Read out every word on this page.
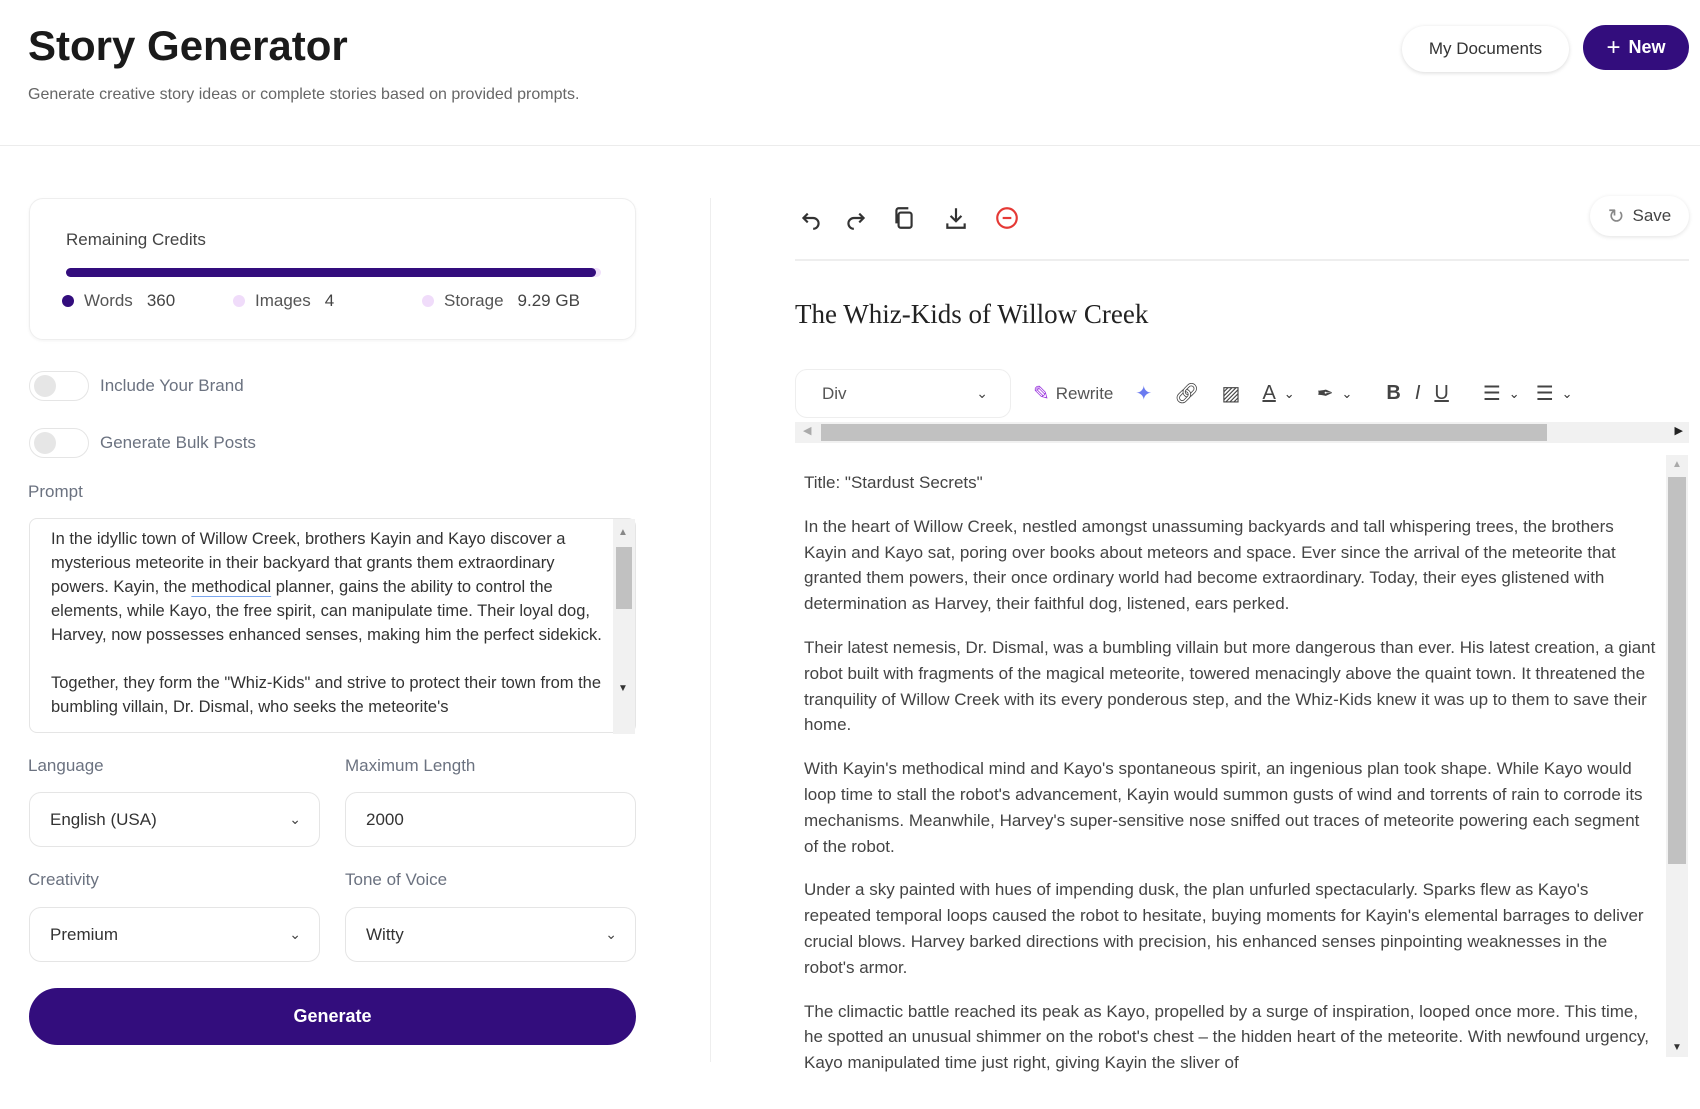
Story Generator
Generate creative story ideas or complete stories based on provided prompts.
My Documents	+ New
Remaining Credits
Words 360	Images 4	Storage 9.29 GB
Include Your Brand
Generate Bulk Posts
Prompt

In the idyllic town of Willow Creek, brothers Kayin and Kayo discover a mysterious meteorite in their backyard that grants them extraordinary powers. Kayin, the methodical planner, gains the ability to control the elements, while Kayo, the free spirit, can manipulate time. Their loyal dog, Harvey, now possesses enhanced senses, making him the perfect sidekick.

Together, they form the "Whiz-Kids" and strive to protect their town from the bumbling villain, Dr. Dismal, who seeks the meteorite's

▲
▼
Language
English (USA)	⌄
Maximum Length
2000
Creativity
Premium	⌄
Tone of Voice
Witty	⌄
Generate
↻ Save
The Whiz-Kids of Willow Creek
Div	⌄ ✎ Rewrite ✦ 🔗︎ ▨ A ⌄ ✒ ⌄ B I U ☰ ⌄ ☰ ⌄
◀	▶

Title: "Stardust Secrets"

In the heart of Willow Creek, nestled amongst unassuming backyards and tall whispering trees, the brothers Kayin and Kayo sat, poring over books about meteors and space. Ever since the arrival of the meteorite that granted them powers, their once ordinary world had become extraordinary. Today, their eyes glistened with determination as Harvey, their faithful dog, listened, ears perked.

Their latest nemesis, Dr. Dismal, was a bumbling villain but more dangerous than ever. His latest creation, a giant robot built with fragments of the magical meteorite, towered menacingly above the quaint town. It threatened the tranquility of Willow Creek with its every ponderous step, and the Whiz-Kids knew it was up to them to save their home.

With Kayin's methodical mind and Kayo's spontaneous spirit, an ingenious plan took shape. While Kayo would loop time to stall the robot's advancement, Kayin would summon gusts of wind and torrents of rain to corrode its mechanisms. Meanwhile, Harvey's super-sensitive nose sniffed out traces of meteorite powering each segment of the robot.

Under a sky painted with hues of impending dusk, the plan unfurled spectacularly. Sparks flew as Kayo's repeated temporal loops caused the robot to hesitate, buying moments for Kayin's elemental barrages to deliver crucial blows. Harvey barked directions with precision, his enhanced senses pinpointing weaknesses in the robot's armor.

The climactic battle reached its peak as Kayo, propelled by a surge of inspiration, looped once more. This time, he spotted an unusual shimmer on the robot's chest – the hidden heart of the meteorite. With newfound urgency, Kayo manipulated time just right, giving Kayin the sliver of

▲
▼
